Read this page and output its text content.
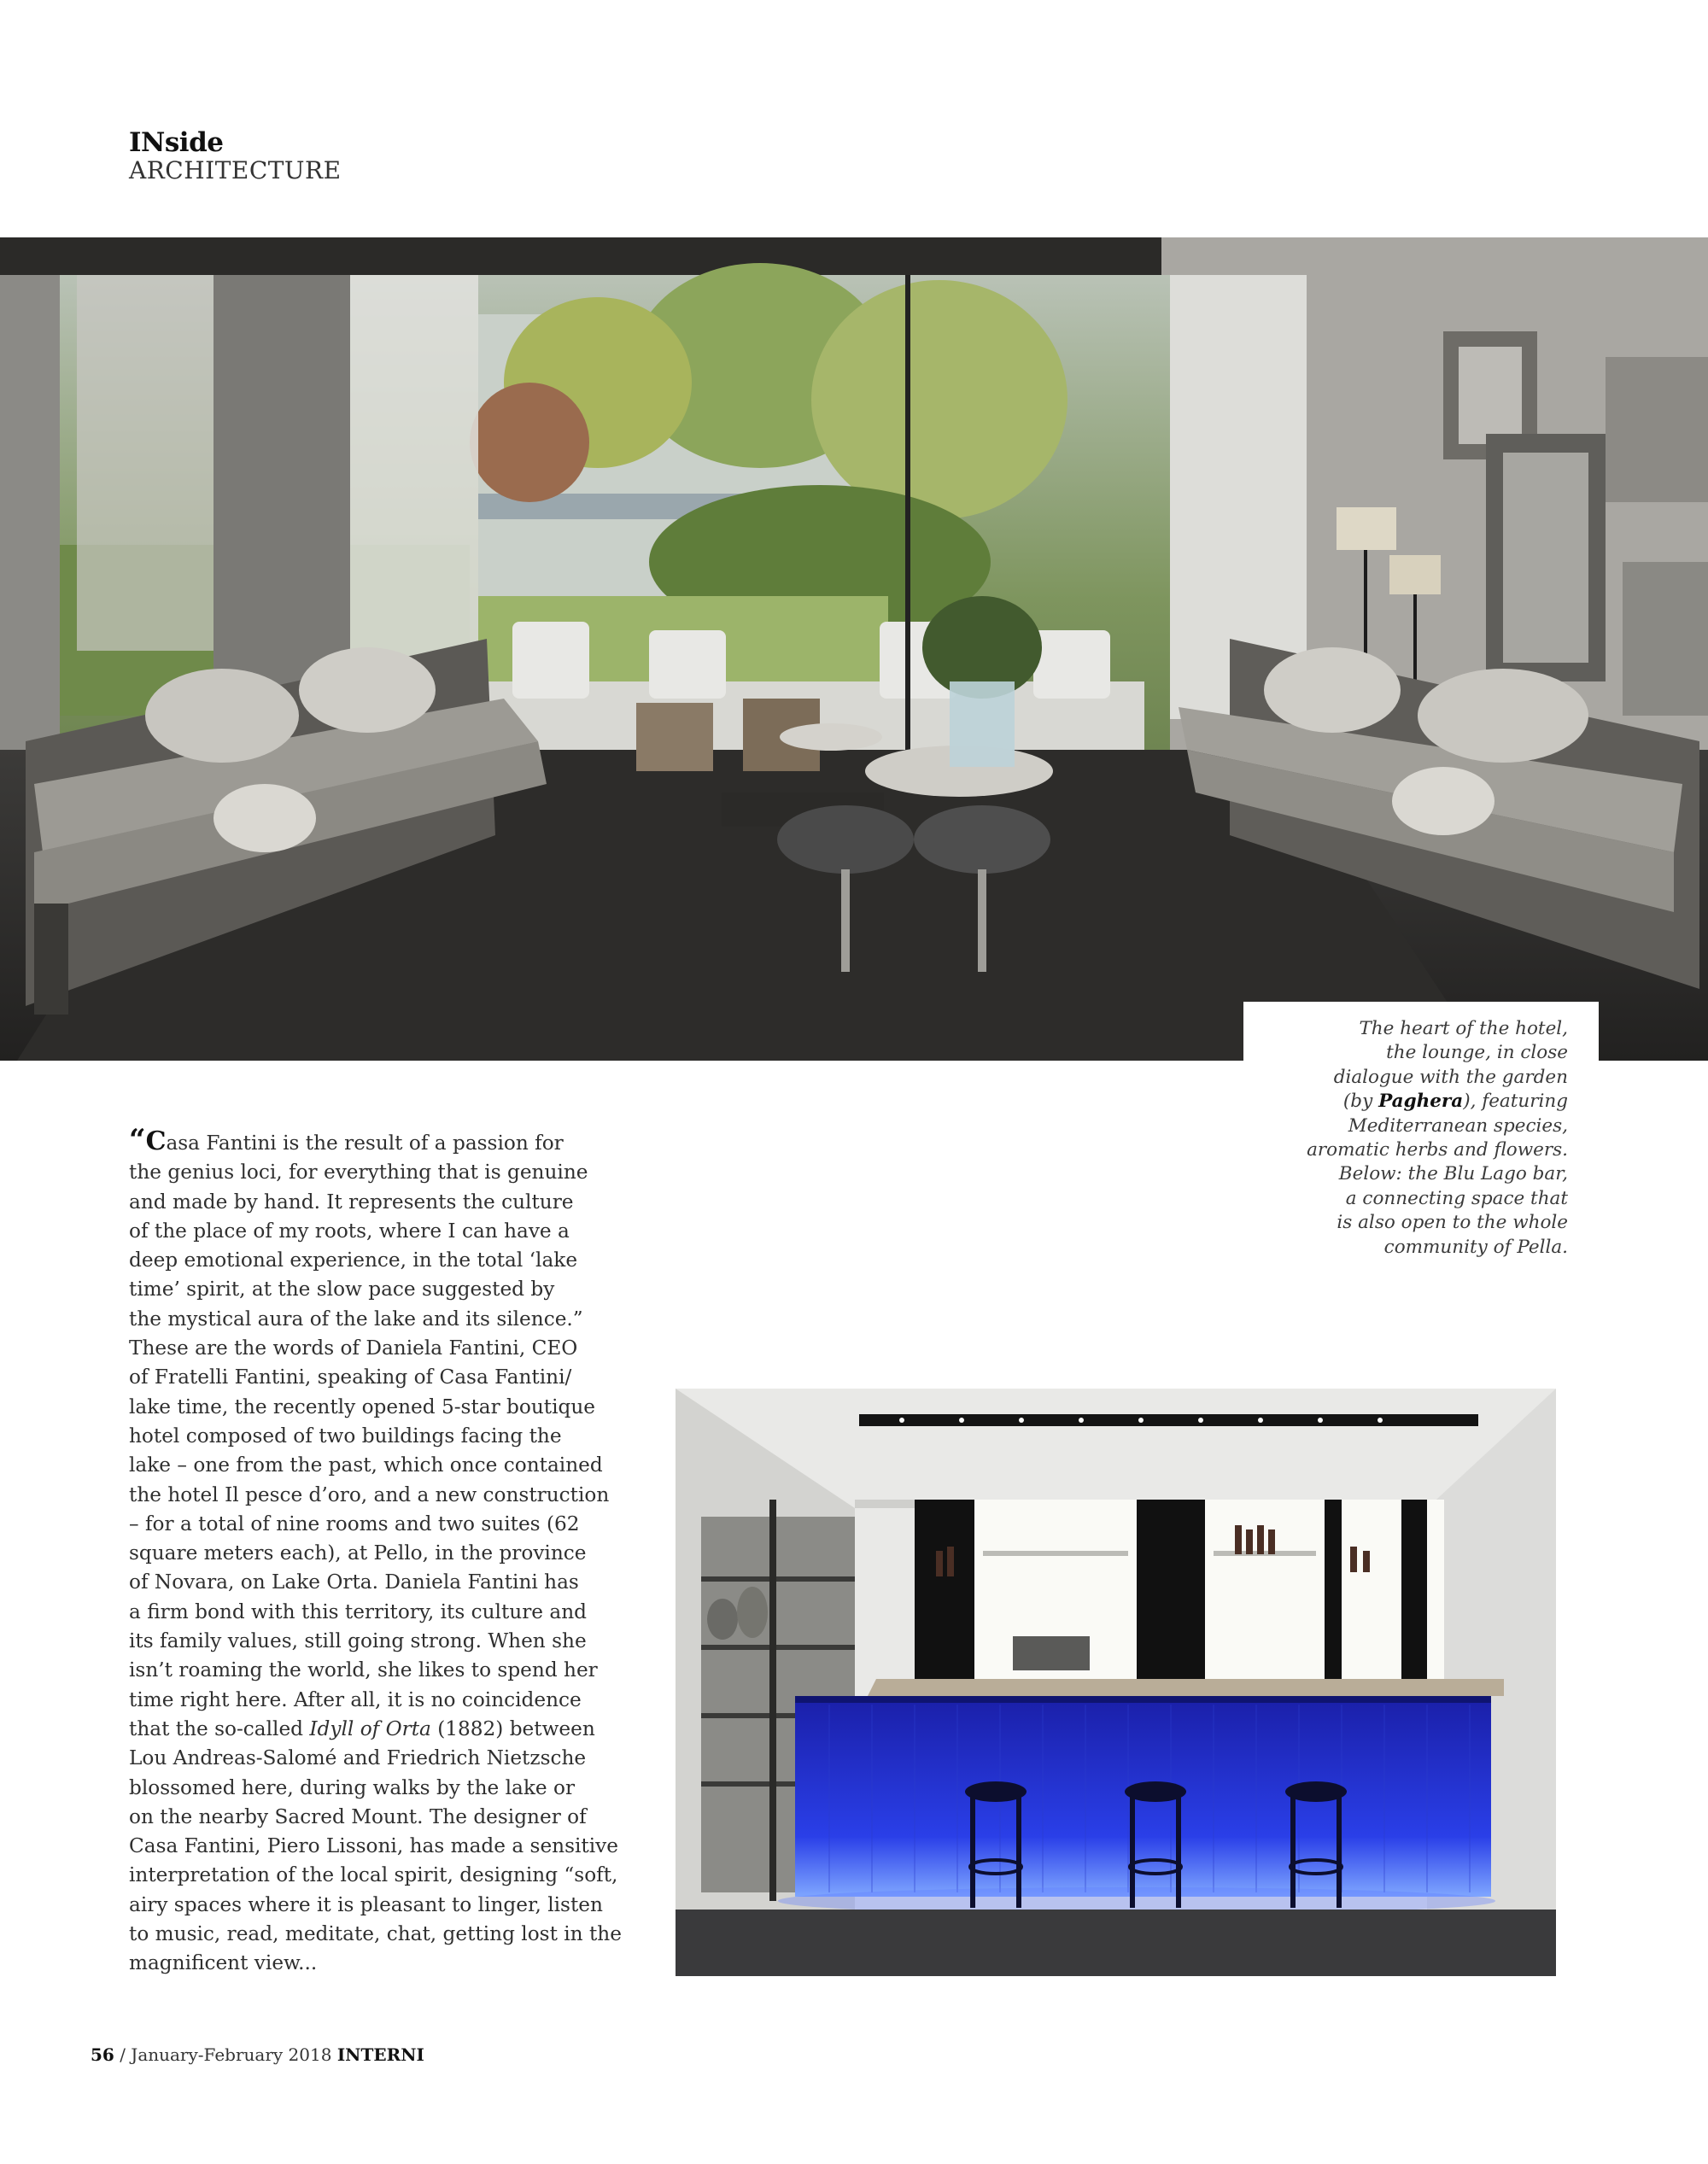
INside
ARCHITECTURE
The heart of the hotel,
the lounge, in close
dialogue with the garden
(by Paghera), featuring
Mediterranean species,
aromatic herbs and flowers.
Below: the Blu Lago bar,
a connecting space that
is also open to the whole
community of Pella.
“Casa Fantini is the result of a passion for
the genius loci, for everything that is genuine
and made by hand. It represents the culture
of the place of my roots, where I can have a
deep emotional experience, in the total ‘lake
time’ spirit, at the slow pace suggested by
the mystical aura of the lake and its silence.”
These are the words of Daniela Fantini, CEO
of Fratelli Fantini, speaking of Casa Fantini/
lake time, the recently opened 5-star boutique
hotel composed of two buildings facing the
lake – one from the past, which once contained
the hotel Il pesce d’oro, and a new construction
– for a total of nine rooms and two suites (62
square meters each), at Pello, in the province
of Novara, on Lake Orta. Daniela Fantini has
a firm bond with this territory, its culture and
its family values, still going strong. When she
isn’t roaming the world, she likes to spend her
time right here. After all, it is no coincidence
that the so-called Idyll of Orta (1882) between
Lou Andreas-Salomé and Friedrich Nietzsche
blossomed here, during walks by the lake or
on the nearby Sacred Mount. The designer of
Casa Fantini, Piero Lissoni, has made a sensitive
interpretation of the local spirit, designing “soft,
airy spaces where it is pleasant to linger, listen
to music, read, meditate, chat, getting lost in the
magnificent view...
56 / January-February 2018 INTERNI
